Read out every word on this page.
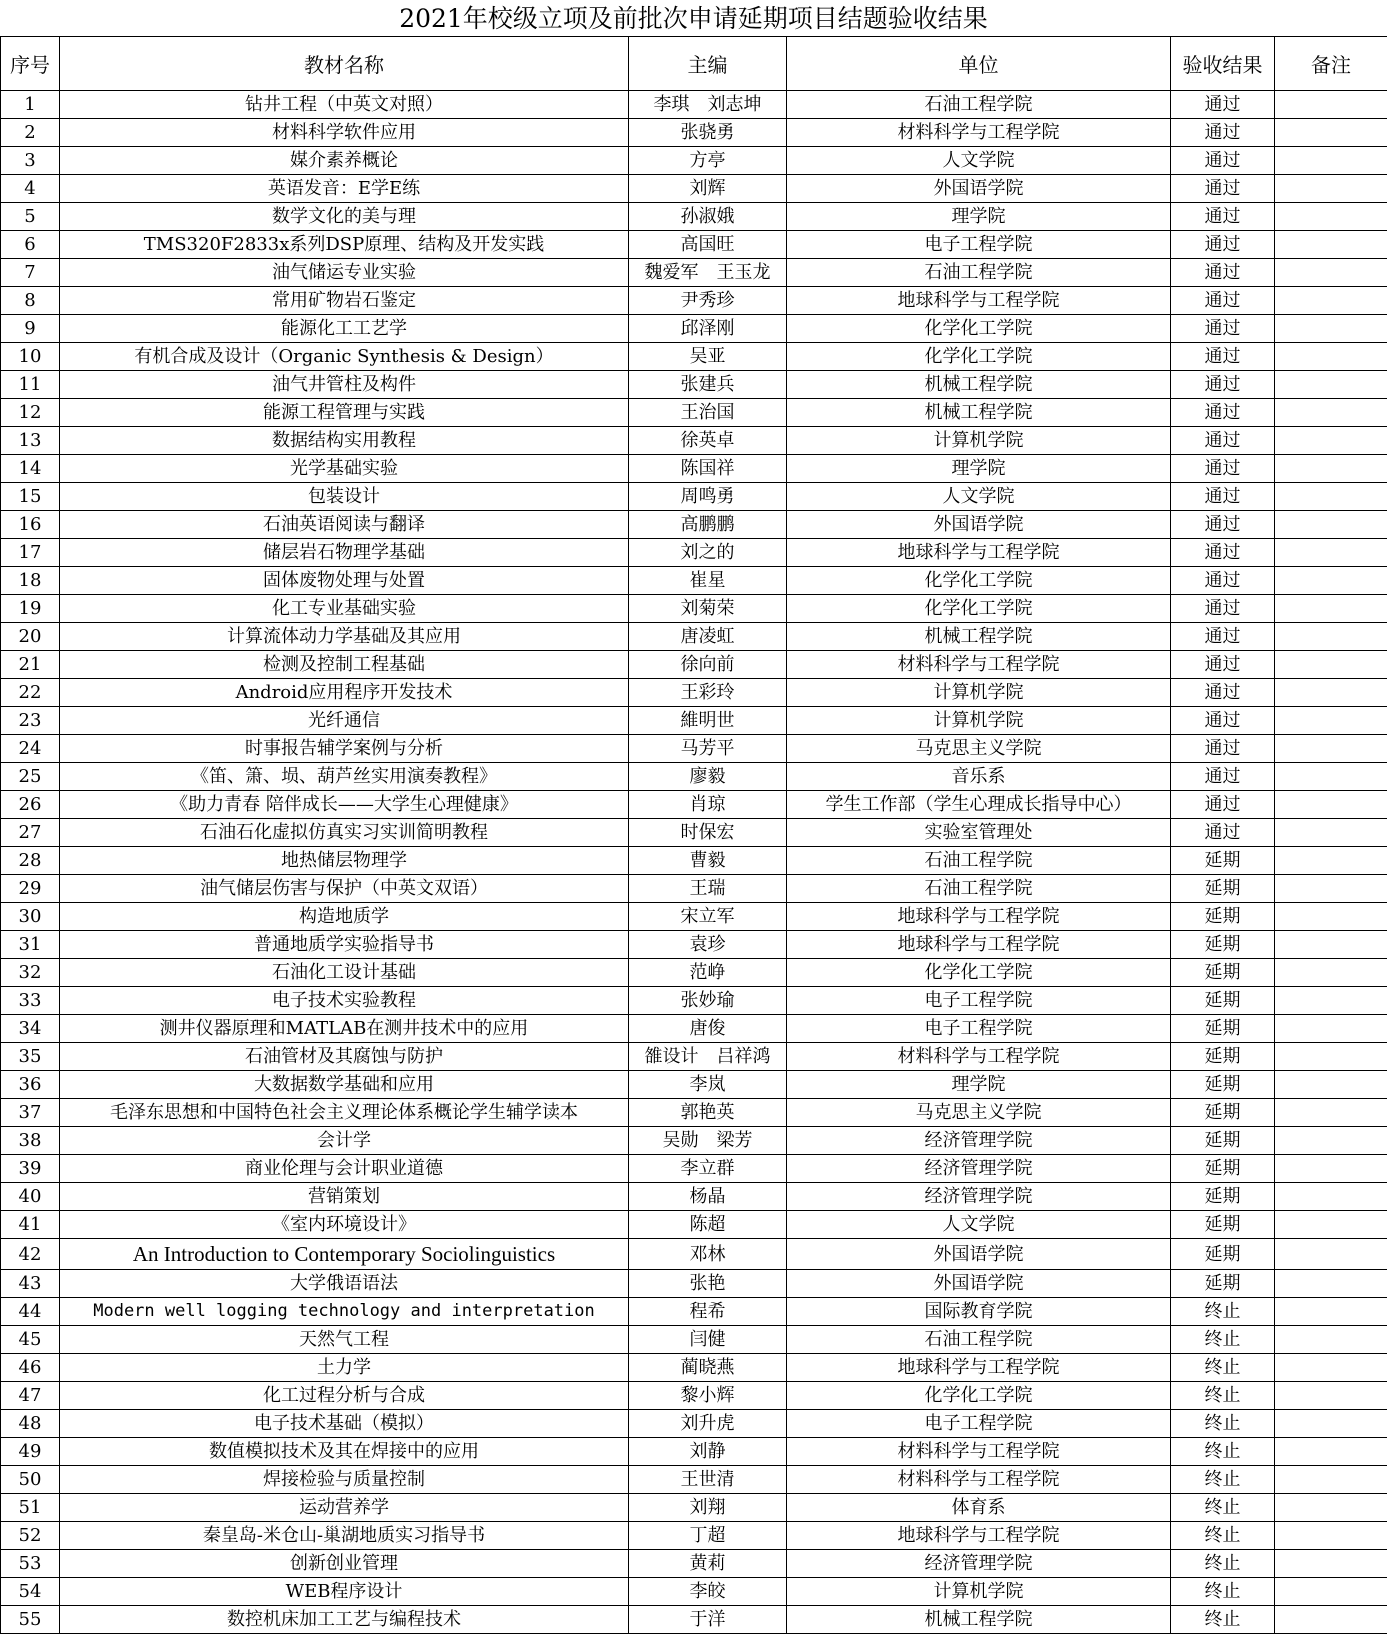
2021年校级立项及前批次申请延期项目结题验收结果
序号	教材名称	主编	单位	验收结果	备注
1	钻井工程（中英文对照）	李琪　刘志坤	石油工程学院	通过	
2	材料科学软件应用	张骁勇	材料科学与工程学院	通过	
3	媒介素养概论	方亭	人文学院	通过	
4	英语发音：E学E练	刘辉	外国语学院	通过	
5	数学文化的美与理	孙淑娥	理学院	通过	
6	TMS320F2833x系列DSP原理、结构及开发实践	高国旺	电子工程学院	通过	
7	油气储运专业实验	魏爱军　王玉龙	石油工程学院	通过	
8	常用矿物岩石鉴定	尹秀珍	地球科学与工程学院	通过	
9	能源化工工艺学	邱泽刚	化学化工学院	通过	
10	有机合成及设计（Organic Synthesis & Design）	吴亚	化学化工学院	通过	
11	油气井管柱及构件	张建兵	机械工程学院	通过	
12	能源工程管理与实践	王治国	机械工程学院	通过	
13	数据结构实用教程	徐英卓	计算机学院	通过	
14	光学基础实验	陈国祥	理学院	通过	
15	包装设计	周鸣勇	人文学院	通过	
16	石油英语阅读与翻译	高鹏鹏	外国语学院	通过	
17	储层岩石物理学基础	刘之的	地球科学与工程学院	通过	
18	固体废物处理与处置	崔星	化学化工学院	通过	
19	化工专业基础实验	刘菊荣	化学化工学院	通过	
20	计算流体动力学基础及其应用	唐凌虹	机械工程学院	通过	
21	检测及控制工程基础	徐向前	材料科学与工程学院	通过	
22	Android应用程序开发技术	王彩玲	计算机学院	通过	
23	光纤通信	維明世	计算机学院	通过	
24	时事报告辅学案例与分析	马芳平	马克思主义学院	通过	
25	《笛、箫、埙、葫芦丝实用演奏教程》	廖毅	音乐系	通过	
26	《助力青春 陪伴成长——大学生心理健康》	肖琼	学生工作部（学生心理成长指导中心）	通过	
27	石油石化虚拟仿真实习实训简明教程	时保宏	实验室管理处	通过	
28	地热储层物理学	曹毅	石油工程学院	延期	
29	油气储层伤害与保护（中英文双语）	王瑞	石油工程学院	延期	
30	构造地质学	宋立军	地球科学与工程学院	延期	
31	普通地质学实验指导书	袁珍	地球科学与工程学院	延期	
32	石油化工设计基础	范峥	化学化工学院	延期	
33	电子技术实验教程	张妙瑜	电子工程学院	延期	
34	测井仪器原理和MATLAB在测井技术中的应用	唐俊	电子工程学院	延期	
35	石油管材及其腐蚀与防护	雒设计　吕祥鸿	材料科学与工程学院	延期	
36	大数据数学基础和应用	李岚	理学院	延期	
37	毛泽东思想和中国特色社会主义理论体系概论学生辅学读本	郭艳英	马克思主义学院	延期	
38	会计学	吴勋　梁芳	经济管理学院	延期	
39	商业伦理与会计职业道德	李立群	经济管理学院	延期	
40	营销策划	杨晶	经济管理学院	延期	
41	《室内环境设计》	陈超	人文学院	延期	
42	An Introduction to Contemporary Sociolinguistics	邓林	外国语学院	延期	
43	大学俄语语法	张艳	外国语学院	延期	
44	Modern well logging technology and interpretation	程希	国际教育学院	终止	
45	天然气工程	闫健	石油工程学院	终止	
46	土力学	蔺晓燕	地球科学与工程学院	终止	
47	化工过程分析与合成	黎小辉	化学化工学院	终止	
48	电子技术基础（模拟）	刘升虎	电子工程学院	终止	
49	数值模拟技术及其在焊接中的应用	刘静	材料科学与工程学院	终止	
50	焊接检验与质量控制	王世清	材料科学与工程学院	终止	
51	运动营养学	刘翔	体育系	终止	
52	秦皇岛-米仓山-巢湖地质实习指导书	丁超	地球科学与工程学院	终止	
53	创新创业管理	黄莉	经济管理学院	终止	
54	WEB程序设计	李皎	计算机学院	终止	
55	数控机床加工工艺与编程技术	于洋	机械工程学院	终止	
